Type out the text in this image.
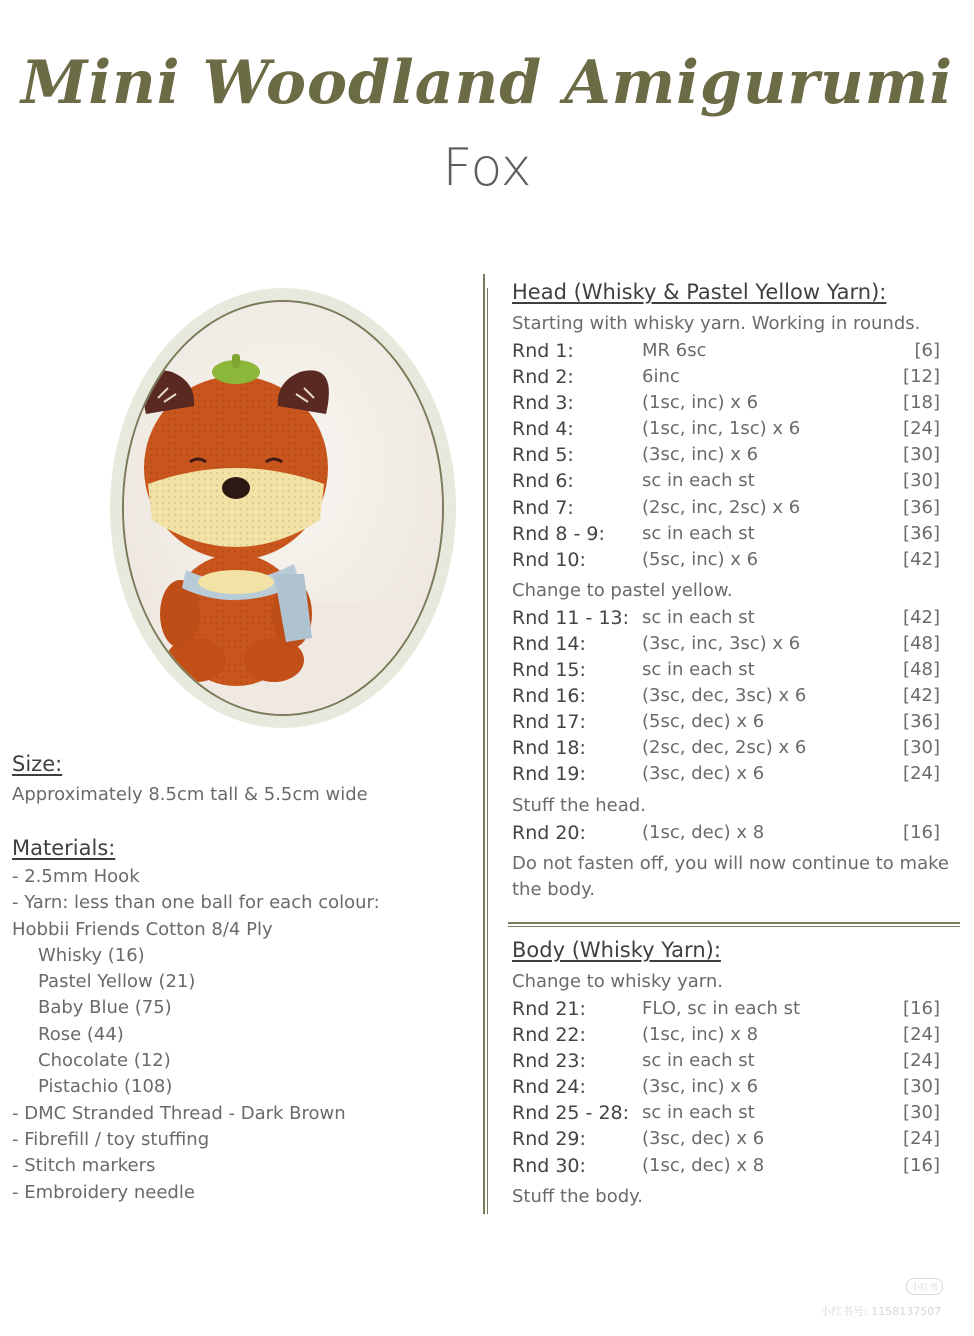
Mini Woodland Amigurumi
Fox
Size:
Approximately 8.5cm tall & 5.5cm wide
Materials:
- 2.5mm Hook
- Yarn: less than one ball for each colour:
Hobbii Friends Cotton 8/4 Ply
Whisky (16)
Pastel Yellow (21)
Baby Blue (75)
Rose (44)
Chocolate (12)
Pistachio (108)
- DMC Stranded Thread - Dark Brown
- Fibrefill / toy stuffing
- Stitch markers
- Embroidery needle
Head (Whisky & Pastel Yellow Yarn):
Starting with whisky yarn. Working in rounds.
Rnd 1:	MR 6sc	[6]
Rnd 2:	6inc	[12]
Rnd 3:	(1sc, inc) x 6	[18]
Rnd 4:	(1sc, inc, 1sc) x 6	[24]
Rnd 5:	(3sc, inc) x 6	[30]
Rnd 6:	sc in each st	[30]
Rnd 7:	(2sc, inc, 2sc) x 6	[36]
Rnd 8 - 9: sc in each st	[36]
Rnd 10:	(5sc, inc) x 6	[42]
Change to pastel yellow.
Rnd 11 - 13: sc in each st	[42]
Rnd 14:	(3sc, inc, 3sc) x 6	[48]
Rnd 15:	sc in each st	[48]
Rnd 16:	(3sc, dec, 3sc) x 6	[42]
Rnd 17:	(5sc, dec) x 6	[36]
Rnd 18:	(2sc, dec, 2sc) x 6	[30]
Rnd 19:	(3sc, dec) x 6	[24]
Stuff the head.
Rnd 20:	(1sc, dec) x 8	[16]
Do not fasten off, you will now continue to make the body.
Body (Whisky Yarn):
Change to whisky yarn.
Rnd 21:	FLO, sc in each st	[16]
Rnd 22:	(1sc, inc) x 8	[24]
Rnd 23:	sc in each st	[24]
Rnd 24:	(3sc, inc) x 6	[30]
Rnd 25 - 28: sc in each st	[30]
Rnd 29:	(3sc, dec) x 6	[24]
Rnd 30:	(1sc, dec) x 8	[16]
Stuff the body.
小红书
小红书号: 1158137507
